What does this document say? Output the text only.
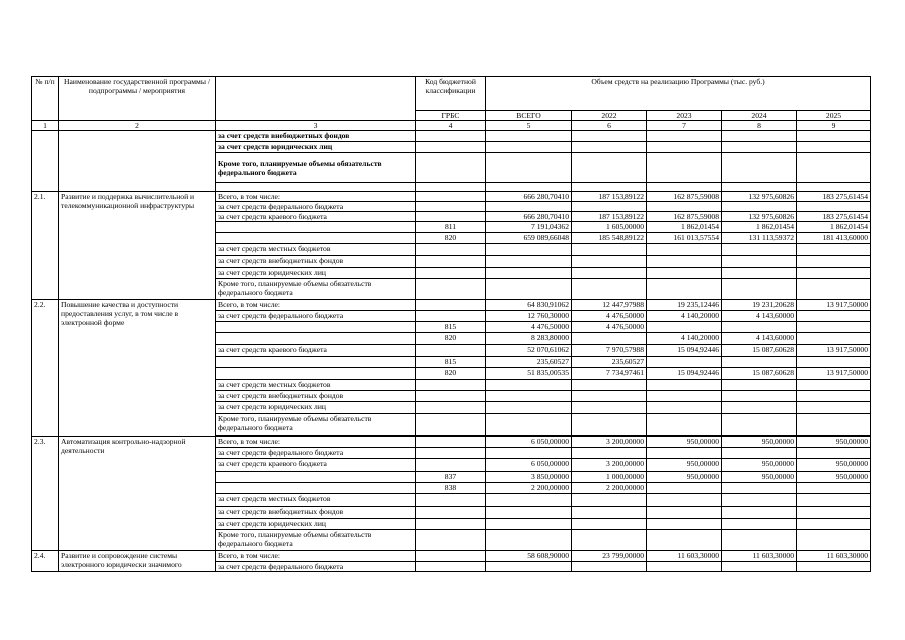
№ п/п	Наименование государственной программы / подпрограммы / мероприятия		Код бюджетной классификации	Объем средств на реализацию Программы (тыс. руб.)				
			ГРБС	ВСЕГО	2022	2023	2024	2025
1	2	3	4	5	6	7	8	9
		за счет средств внебюджетных фондов						
		за счет средств юридических лиц						
		Кроме того, планируемые объемы обязательств федерального бюджета						

2.1.	Развитие и поддержка вычислительной и телекоммуникационной инфраструктуры	Всего, в том числе:		666 280,70410	187 153,89122	162 875,59008	132 975,60826	183 275,61454
		за счет средств федерального бюджета						
		за счет средств краевого бюджета		666 280,70410	187 153,89122	162 875,59008	132 975,60826	183 275,61454
			811	7 191,04362	1 605,00000	1 862,01454	1 862,01454	1 862,01454
			820	659 089,66048	185 548,89122	161 013,57554	131 113,59372	181 413,60000
		за счет средств местных бюджетов						
		за счет средств внебюджетных фондов						
		за счет средств юридических лиц						
		Кроме того, планируемые объемы обязательств федерального бюджета						
2.2.	Повышение качества и доступности предоставления услуг, в том числе в электронной форме	Всего, в том числе:		64 830,91062	12 447,97988	19 235,12446	19 231,20628	13 917,50000
		за счет средств федерального бюджета		12 760,30000	4 476,50000	4 140,20000	4 143,60000	
			815	4 476,50000	4 476,50000			
			820	8 283,80000		4 140,20000	4 143,60000	
		за счет средств краевого бюджета		52 070,61062	7 970,57988	15 094,92446	15 087,60628	13 917,50000
			815	235,60527	235,60527			
			820	51 835,00535	7 734,97461	15 094,92446	15 087,60628	13 917,50000
		за счет средств местных бюджетов						
		за счет средств внебюджетных фондов						
		за счет средств юридических лиц						
		Кроме того, планируемые объемы обязательств федерального бюджета						

2.3.	Автоматизация контрольно-надзорной деятельности	Всего, в том числе:		6 050,00000	3 200,00000	950,00000	950,00000	950,00000
		за счет средств федерального бюджета						
		за счет средств краевого бюджета		6 050,00000	3 200,00000	950,00000	950,00000	950,00000
			837	3 850,00000	1 000,00000	950,00000	950,00000	950,00000
			838	2 200,00000	2 200,00000			
		за счет средств местных бюджетов						
		за счет средств внебюджетных фондов						
		за счет средств юридических лиц						
		Кроме того, планируемые объемы обязательств федерального бюджета						
2.4.	Развитие и сопровождение системы электронного юридически значимого	Всего, в том числе:		58 608,90000	23 799,00000	11 603,30000	11 603,30000	11 603,30000
		за счет средств федерального бюджета						
